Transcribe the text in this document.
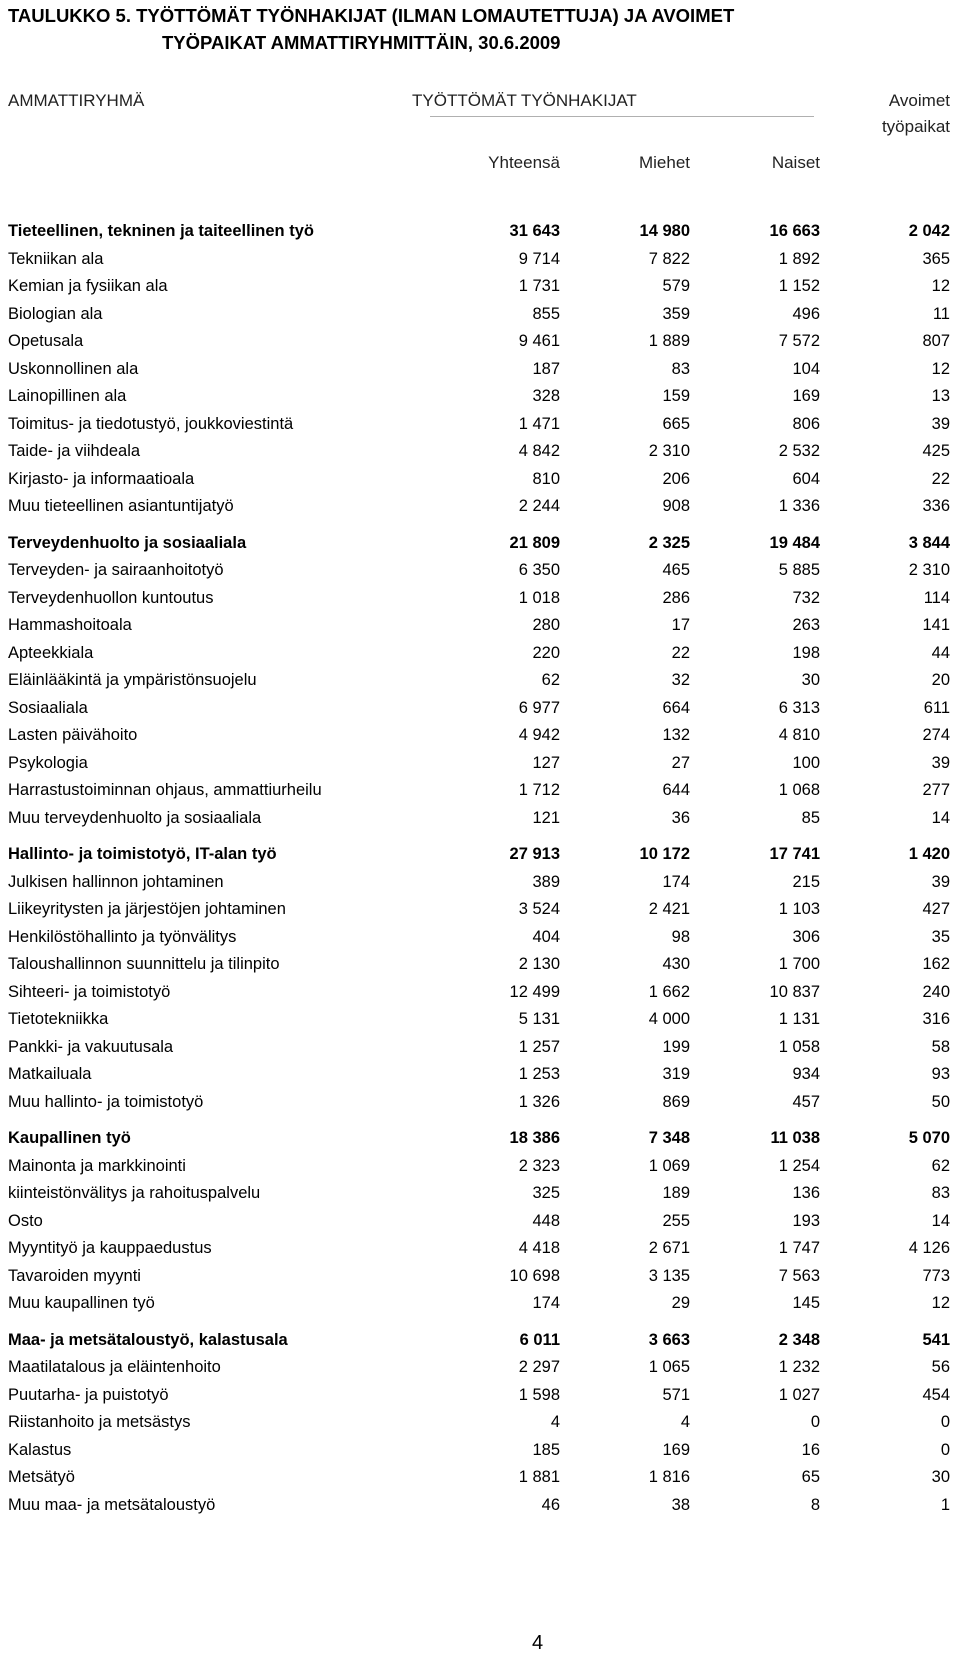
TAULUKKO 5. TYÖTTÖMÄT TYÖNHAKIJAT (ILMAN LOMAUTETTUJA) JA AVOIMET
TYÖPAIKAT AMMATTIRYHMITTÄIN, 30.6.2009
AMMATTIRYHMÄ	TYÖTTÖMÄT TYÖNHAKIJAT	Avoimet
työpaikat
Yhteensä	Miehet	Naiset
Tieteellinen, tekninen ja taiteellinen työ	31 643	14 980	16 663	2 042
Tekniikan ala	9 714	7 822	1 892	365
Kemian ja fysiikan ala	1 731	579	1 152	12
Biologian ala	855	359	496	11
Opetusala	9 461	1 889	7 572	807
Uskonnollinen ala	187	83	104	12
Lainopillinen ala	328	159	169	13
Toimitus- ja tiedotustyö, joukkoviestintä	1 471	665	806	39
Taide- ja viihdeala	4 842	2 310	2 532	425
Kirjasto- ja informaatioala	810	206	604	22
Muu tieteellinen asiantuntijatyö	2 244	908	1 336	336
Terveydenhuolto ja sosiaaliala	21 809	2 325	19 484	3 844
Terveyden- ja sairaanhoitotyö	6 350	465	5 885	2 310
Terveydenhuollon kuntoutus	1 018	286	732	114
Hammashoitoala	280	17	263	141
Apteekkiala	220	22	198	44
Eläinlääkintä ja ympäristönsuojelu	62	32	30	20
Sosiaaliala	6 977	664	6 313	611
Lasten päivähoito	4 942	132	4 810	274
Psykologia	127	27	100	39
Harrastustoiminnan ohjaus, ammattiurheilu	1 712	644	1 068	277
Muu terveydenhuolto ja sosiaaliala	121	36	85	14
Hallinto- ja toimistotyö, IT-alan työ	27 913	10 172	17 741	1 420
Julkisen hallinnon johtaminen	389	174	215	39
Liikeyritysten ja järjestöjen johtaminen	3 524	2 421	1 103	427
Henkilöstöhallinto ja työnvälitys	404	98	306	35
Taloushallinnon suunnittelu ja tilinpito	2 130	430	1 700	162
Sihteeri- ja toimistotyö	12 499	1 662	10 837	240
Tietotekniikka	5 131	4 000	1 131	316
Pankki- ja vakuutusala	1 257	199	1 058	58
Matkailuala	1 253	319	934	93
Muu hallinto- ja toimistotyö	1 326	869	457	50
Kaupallinen työ	18 386	7 348	11 038	5 070
Mainonta ja markkinointi	2 323	1 069	1 254	62
kiinteistönvälitys ja rahoituspalvelu	325	189	136	83
Osto	448	255	193	14
Myyntityö ja kauppaedustus	4 418	2 671	1 747	4 126
Tavaroiden myynti	10 698	3 135	7 563	773
Muu kaupallinen työ	174	29	145	12
Maa- ja metsätaloustyö, kalastusala	6 011	3 663	2 348	541
Maatilatalous ja eläintenhoito	2 297	1 065	1 232	56
Puutarha- ja puistotyö	1 598	571	1 027	454
Riistanhoito ja metsästys	4	4	0	0
Kalastus	185	169	16	0
Metsätyö	1 881	1 816	65	30
Muu maa- ja metsätaloustyö	46	38	8	1
4
